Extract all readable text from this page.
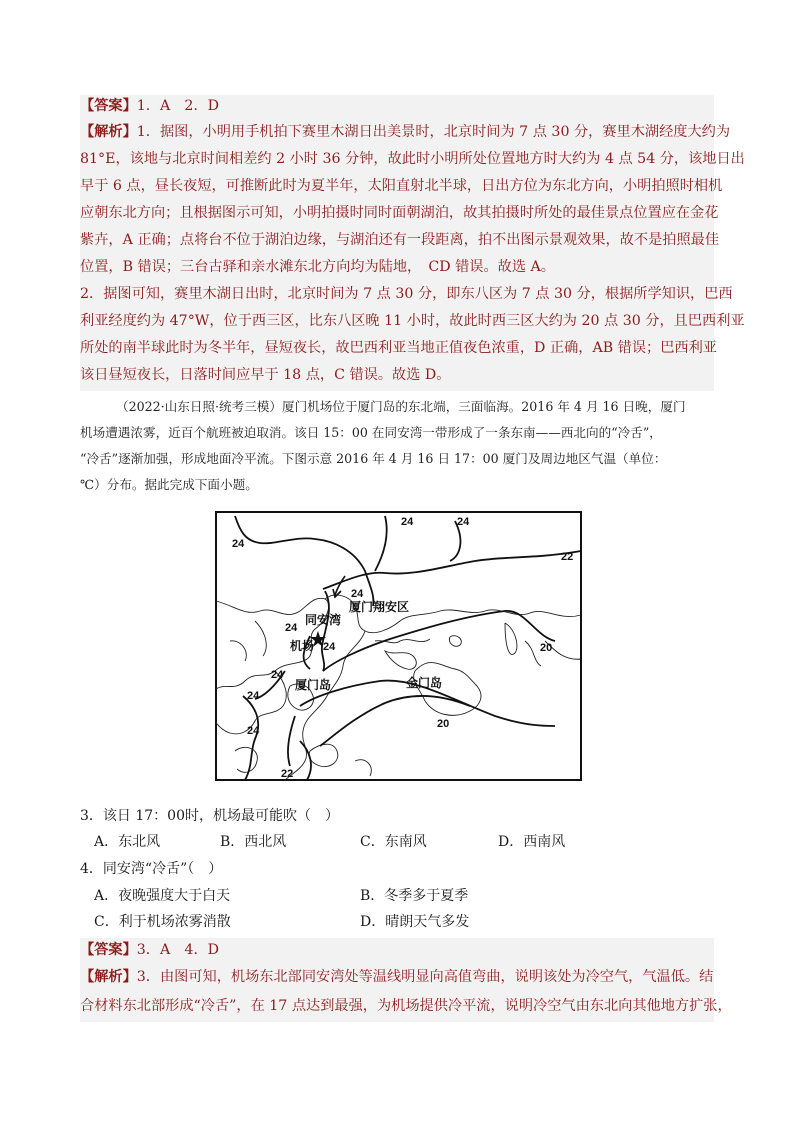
【答案】1．A　2．D
【解析】1．据图，小明用手机拍下赛里木湖日出美景时，北京时间为 7 点 30 分，赛里木湖经度大约为
81°E，该地与北京时间相差约 2 小时 36 分钟，故此时小明所处位置地方时大约为 4 点 54 分，该地日出
早于 6 点，昼长夜短，可推断此时为夏半年，太阳直射北半球，日出方位为东北方向，小明拍照时相机
应朝东北方向；且根据图示可知，小明拍摄时同时面朝湖泊，故其拍摄时所处的最佳景点位置应在金花
紫卉，A 正确；点将台不位于湖泊边缘，与湖泊还有一段距离，拍不出图示景观效果，故不是拍照最佳
位置，B 错误；三台古驿和亲水滩东北方向均为陆地，　CD 错误。故选 A。
2．据图可知，赛里木湖日出时，北京时间为 7 点 30 分，即东八区为 7 点 30 分，根据所学知识，巴西
利亚经度约为 47°W，位于西三区，比东八区晚 11 小时，故此时西三区大约为 20 点 30 分，且巴西利亚
所处的南半球此时为冬半年，昼短夜长，故巴西利亚当地正值夜色浓重，D 正确，AB 错误；巴西利亚
该日昼短夜长，日落时间应早于 18 点，C 错误。故选 D。
（2022·山东日照·统考三模）厦门机场位于厦门岛的东北端，三面临海。2016 年 4 月 16 日晚，厦门
机场遭遇浓雾，近百个航班被迫取消。该日 15：00 在同安湾一带形成了一条东南——西北向的“冷舌”，
“冷舌”逐渐加强，形成地面冷平流。下图示意 2016 年 4 月 16 日 17：00 厦门及周边地区气温（单位：
℃）分布。据此完成下面小题。
24
24	24
22
24
24
24	20
24
24
20
24
22
厦门翔安区
同安湾
机场
厦门岛	金门岛
3．该日 17：00时，机场最可能吹（　）
A．东北风	B．西北风	C．东南风	D．西南风
4．同安湾“冷舌”（　）
A．夜晚强度大于白天	B．冬季多于夏季
C．利于机场浓雾消散	D．晴朗天气多发
【答案】3．A　4．D
【解析】3．由图可知，机场东北部同安湾处等温线明显向高值弯曲，说明该处为冷空气，气温低。结
合材料东北部形成“冷舌”，在 17 点达到最强，为机场提供冷平流，说明冷空气由东北向其他地方扩张，
